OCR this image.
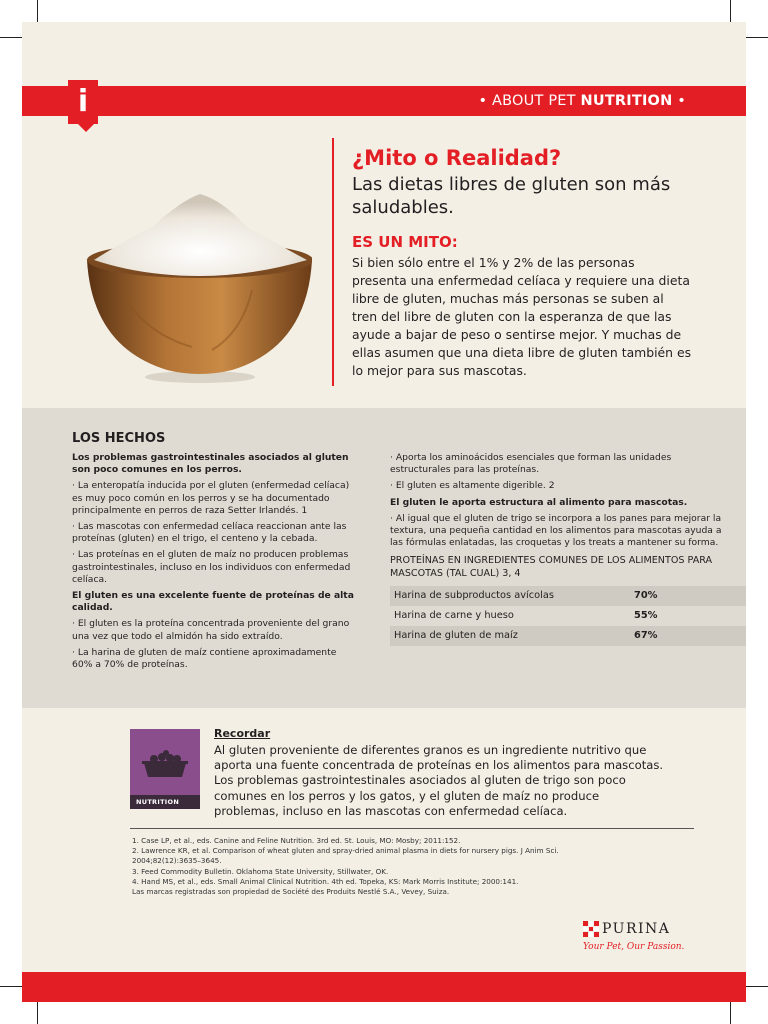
i	• ABOUT PET NUTRITION •
¿Mito o Realidad?
Las dietas libres de gluten son más saludables.
ES UN MITO:
Si bien sólo entre el 1% y 2% de las personas presenta una enfermedad celíaca y requiere una dieta libre de gluten, muchas más personas se suben al tren del libre de gluten con la esperanza de que las ayude a bajar de peso o sentirse mejor. Y muchas de ellas asumen que una dieta libre de gluten también es lo mejor para sus mascotas.
LOS HECHOS

Los problemas gastrointestinales asociados al gluten son poco comunes en los perros.

· La enteropatía inducida por el gluten (enfermedad celíaca) es muy poco común en los perros y se ha documentado principalmente en perros de raza Setter Irlandés. 1

· Las mascotas con enfermedad celíaca reaccionan ante las proteínas (gluten) en el trigo, el centeno y la cebada.

· Las proteínas en el gluten de maíz no producen problemas gastrointestinales, incluso en los individuos con enfermedad celíaca.

El gluten es una excelente fuente de proteínas de alta calidad.

· El gluten es la proteína concentrada proveniente del grano una vez que todo el almidón ha sido extraído.

· La harina de gluten de maíz contiene aproximadamente 60% a 70% de proteínas.

· Aporta los aminoácidos esenciales que forman las unidades estructurales para las proteínas.

· El gluten es altamente digerible. 2

El gluten le aporta estructura al alimento para mascotas.

· Al igual que el gluten de trigo se incorpora a los panes para mejorar la textura, una pequeña cantidad en los alimentos para mascotas ayuda a las fórmulas enlatadas, las croquetas y los treats a mantener su forma.

PROTEÍNAS EN INGREDIENTES COMUNES DE LOS ALIMENTOS PARA MASCOTAS (TAL CUAL) 3, 4
Harina de subproductos avícolas	70%
Harina de carne y hueso	55%
Harina de gluten de maíz	67%
NUTRITION
Recordar
Al gluten proveniente de diferentes granos es un ingrediente nutritivo que aporta una fuente concentrada de proteínas en los alimentos para mascotas. Los problemas gastrointestinales asociados al gluten de trigo son poco comunes en los perros y los gatos, y el gluten de maíz no produce problemas, incluso en las mascotas con enfermedad celíaca.
1. Case LP, et al., eds. Canine and Feline Nutrition. 3rd ed. St. Louis, MO: Mosby; 2011:152.
2. Lawrence KR, et al. Comparison of wheat gluten and spray-dried animal plasma in diets for nursery pigs. J Anim Sci. 2004;82(12):3635–3645.
3. Feed Commodity Bulletin. Oklahoma State University, Stillwater, OK.
4. Hand MS, et al., eds. Small Animal Clinical Nutrition. 4th ed. Topeka, KS: Mark Morris Institute; 2000:141.
Las marcas registradas son propiedad de Société des Produits Nestlé S.A., Vevey, Suiza.
PURINA
Your Pet, Our Passion.
